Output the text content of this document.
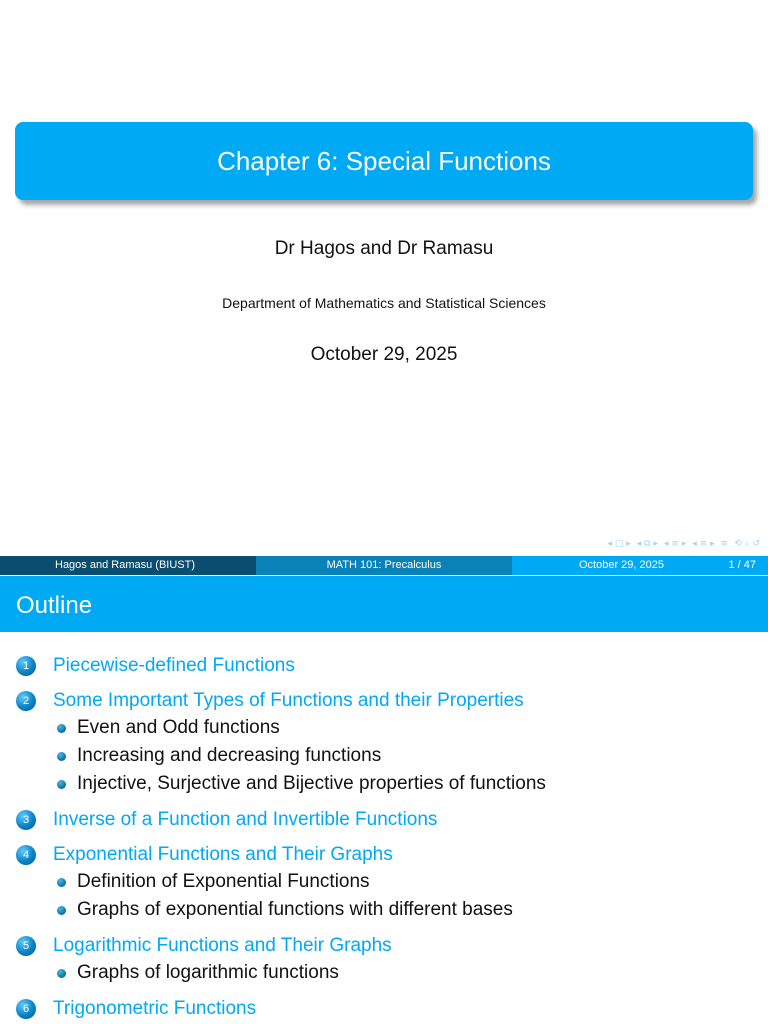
Chapter 6: Special Functions
Dr Hagos and Dr Ramasu
Department of Mathematics and Statistical Sciences
October 29, 2025
◂ □ ▸ ◂ ⧉ ▸ ◂ ≡ ▸ ◂ ≡ ▸ ≡ ⟲ ⌕ ↺
Hagos and Ramasu (BIUST)	MATH 101: Precalculus	October 29, 2025	1 / 47
Outline
1	Piecewise-defined Functions
2	Some Important Types of Functions and their Properties
Even and Odd functions
Increasing and decreasing functions
Injective, Surjective and Bijective properties of functions
3	Inverse of a Function and Invertible Functions
4	Exponential Functions and Their Graphs
Definition of Exponential Functions
Graphs of exponential functions with different bases
5	Logarithmic Functions and Their Graphs
Graphs of logarithmic functions
6	Trigonometric Functions
